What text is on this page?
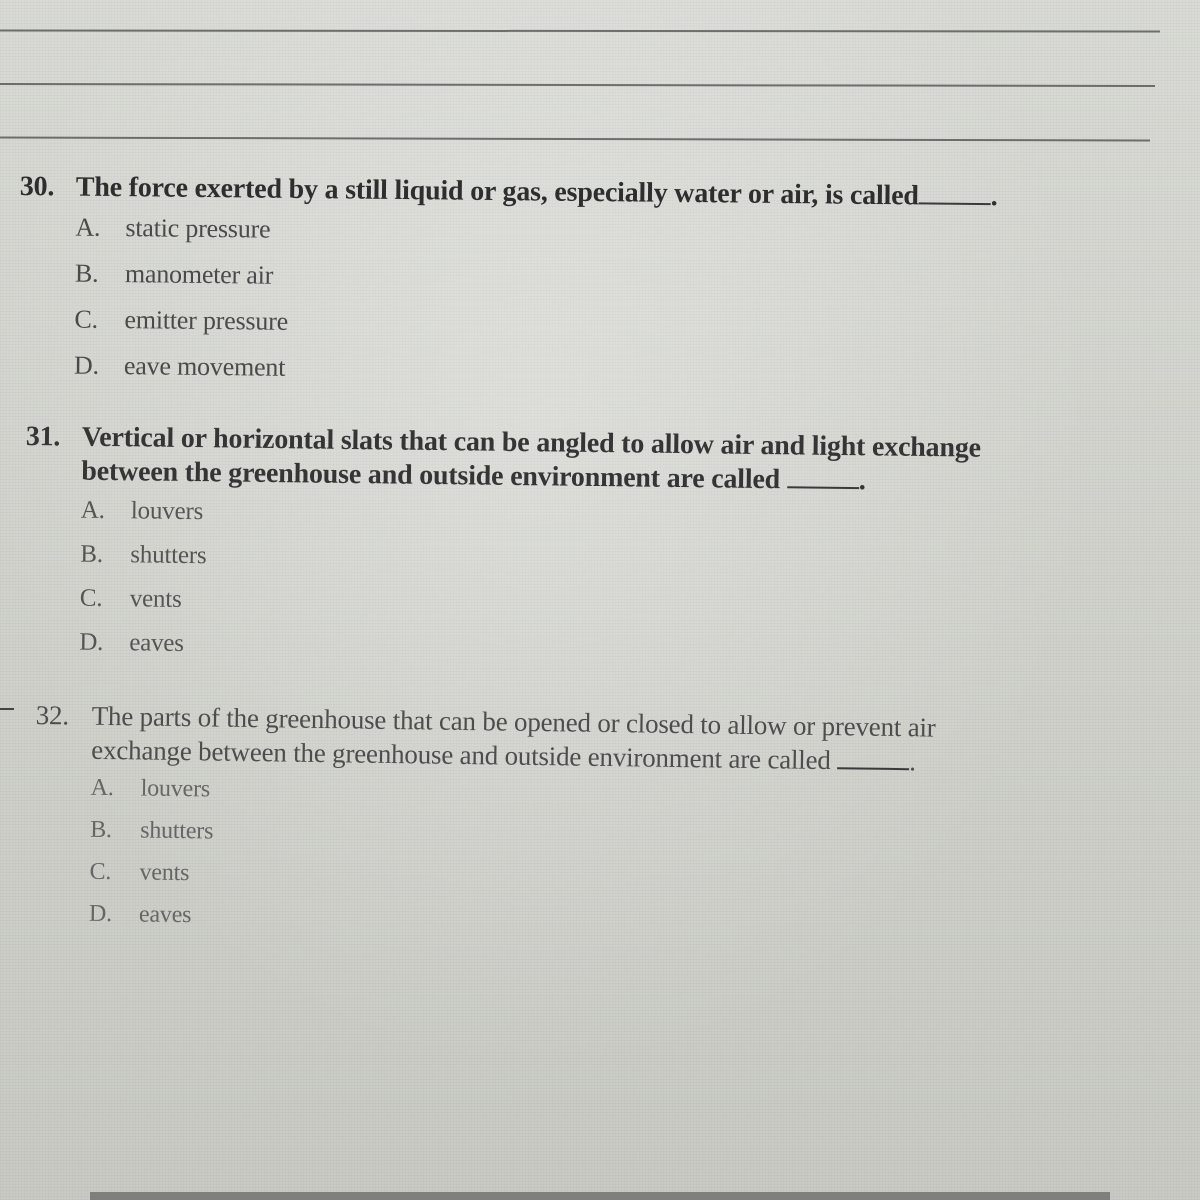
30. The force exerted by a still liquid or gas, especially water or air, is called	.
A. static pressure
B. manometer air
C. emitter pressure
D. eave movement
31. Vertical or horizontal slats that can be angled to allow air and light exchange
between the greenhouse and outside environment are called	.
A. louvers
B. shutters
C. vents
D. eaves
32. The parts of the greenhouse that can be opened or closed to allow or prevent air
exchange between the greenhouse and outside environment are called	.
A. louvers
B. shutters
C. vents
D. eaves
